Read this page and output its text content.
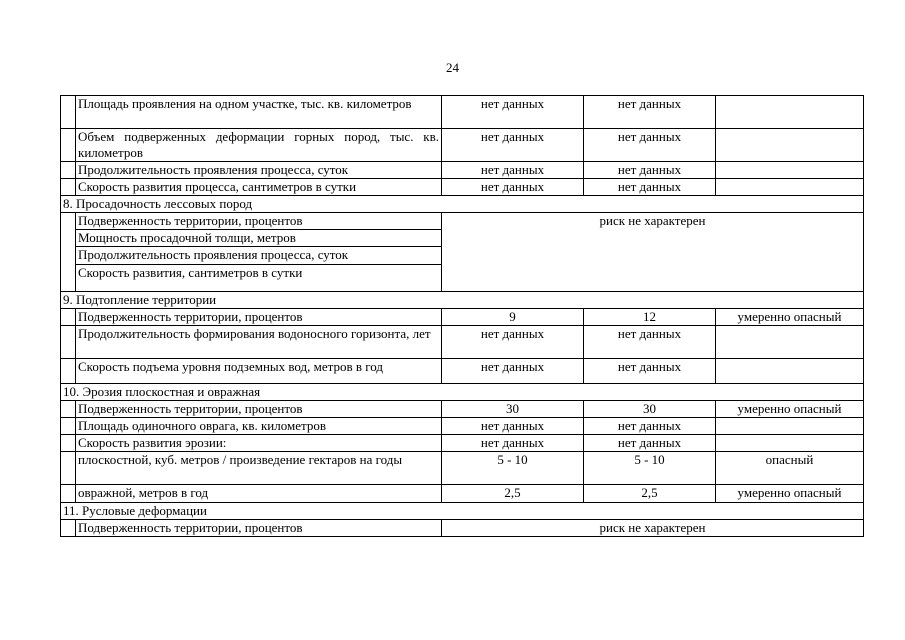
24
	Площадь проявления на одном участке, тыс. кв. километров	нет данных	нет данных	
	Объем подверженных деформации горных пород, тыс. кв. километров	нет данных	нет данных	
	Продолжительность проявления процесса, суток	нет данных	нет данных	
	Скорость развития процесса, сантиметров в сутки	нет данных	нет данных	
8. Просадочность лессовых пород				
	Подверженность территории, процентов	риск не характерен		
	Мощность просадочной толщи, метров			
	Продолжительность проявления процесса, суток			
	Скорость развития, сантиметров в сутки			
9. Подтопление территории				
	Подверженность территории, процентов	9	12	умеренно опасный
	Продолжительность формирования водоносного горизонта, лет	нет данных	нет данных	
	Скорость подъема уровня подземных вод, метров в год	нет данных	нет данных	
10. Эрозия плоскостная и овражная				
	Подверженность территории, процентов	30	30	умеренно опасный
	Площадь одиночного оврага, кв. километров	нет данных	нет данных	
	Скорость развития эрозии:	нет данных	нет данных	
	плоскостной, куб. метров / произведение гектаров на годы	5 - 10	5 - 10	опасный
	овражной, метров в год	2,5	2,5	умеренно опасный
11. Русловые деформации				
	Подверженность территории, процентов	риск не характерен		
